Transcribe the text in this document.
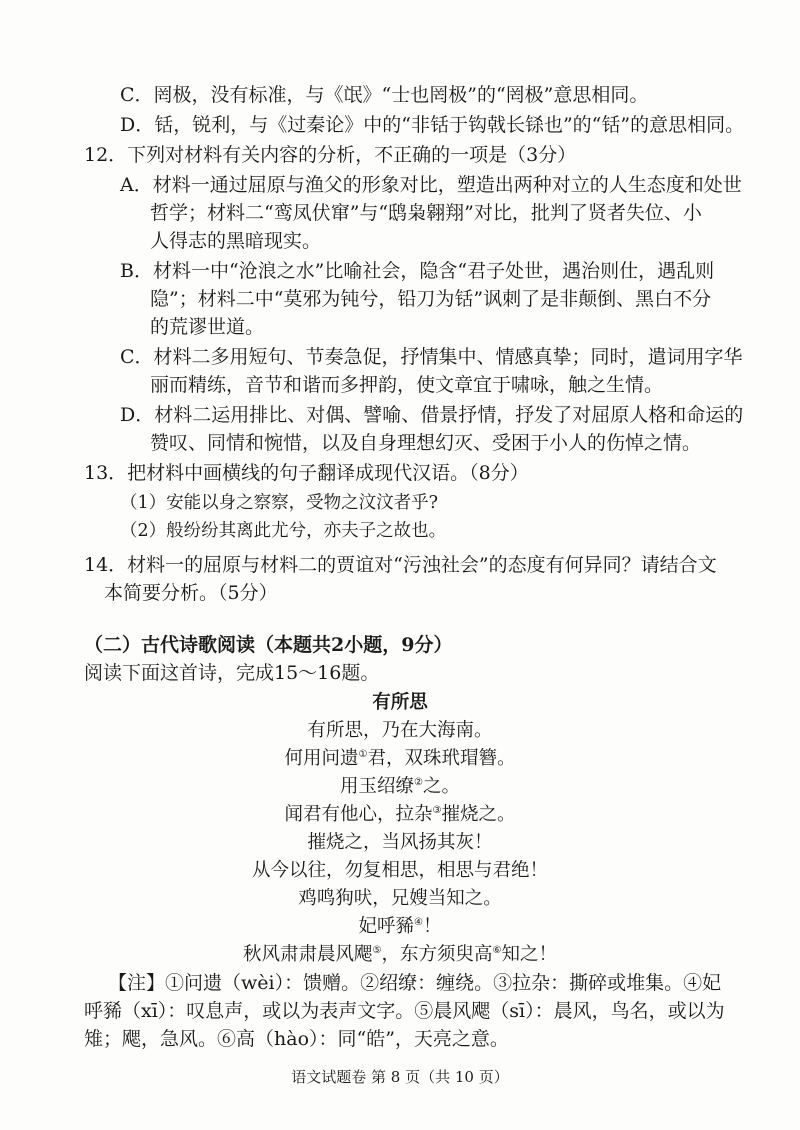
C．罔极，没有标准，与《氓》“士也罔极”的“罔极”意思相同。
D．铦，锐利，与《过秦论》中的“非铦于钩戟长铩也”的“铦”的意思相同。
12．下列对材料有关内容的分析，不正确的一项是（3分）
A．材料一通过屈原与渔父的形象对比，塑造出两种对立的人生态度和处世
哲学；材料二“鸾凤伏窜”与“鸱枭翱翔”对比，批判了贤者失位、小
人得志的黑暗现实。
B．材料一中“沧浪之水”比喻社会，隐含“君子处世，遇治则仕，遇乱则
隐”；材料二中“莫邪为钝兮，铅刀为铦”讽刺了是非颠倒、黑白不分
的荒谬世道。
C．材料二多用短句、节奏急促，抒情集中、情感真挚；同时，遣词用字华
丽而精练，音节和谐而多押韵，使文章宜于啸咏，触之生情。
D．材料二运用排比、对偶、譬喻、借景抒情，抒发了对屈原人格和命运的
赞叹、同情和惋惜，以及自身理想幻灭、受困于小人的伤悼之情。
13．把材料中画横线的句子翻译成现代汉语。（8分）
（1）安能以身之察察，受物之汶汶者乎?
（2）般纷纷其离此尤兮，亦夫子之故也。
14．材料一的屈原与材料二的贾谊对“污浊社会”的态度有何异同？请结合文
本简要分析。（5分）
（二）古代诗歌阅读（本题共2小题，9分）
阅读下面这首诗，完成15～16题。
有所思
有所思，乃在大海南。
何用问遗①君，双珠玳瑁簪。
用玉绍缭②之。
闻君有他心，拉杂③摧烧之。
摧烧之，当风扬其灰！
从今以往，勿复相思，相思与君绝！
鸡鸣狗吠，兄嫂当知之。
妃呼豨④！
秋风肃肃晨风飔⑤，东方须臾高⑥知之！
【注】①问遗（wèi）：馈赠。②绍缭：缠绕。③拉杂：撕碎或堆集。④妃
呼豨（xī）：叹息声，或以为表声文字。⑤晨风飔（sī）：晨风，鸟名，或以为
雉；飔，急风。⑥高（hào）：同“皓”，天亮之意。
语文试题卷 第 8 页（共 10 页）
